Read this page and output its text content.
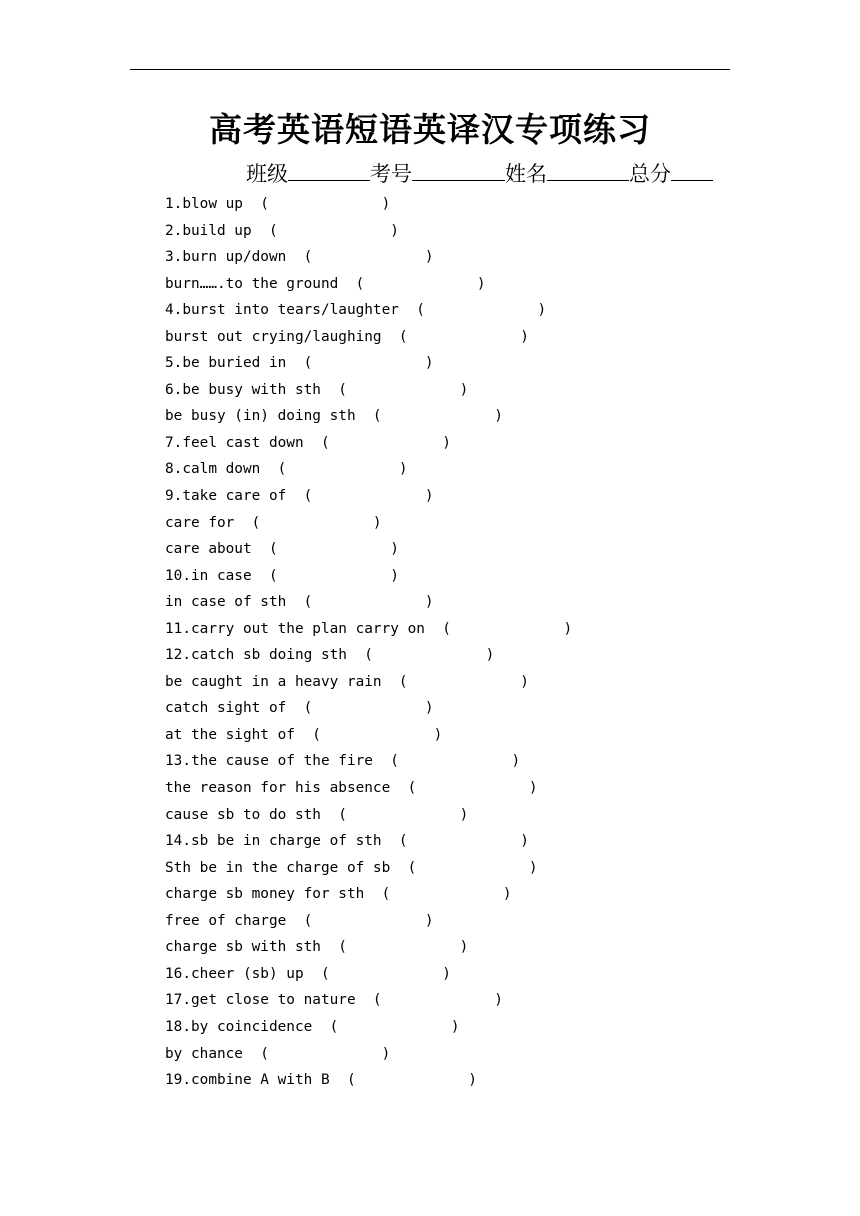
高考英语短语英译汉专项练习
班级	考号	姓名	总分
1.blow up  (             )
2.build up  (             )
3.burn up/down  (             )
burn…….to the ground  (             )
4.burst into tears/laughter  (             )
burst out crying/laughing  (             )
5.be buried in  (             )
6.be busy with sth  (             )
be busy (in) doing sth  (             )
7.feel cast down  (             )
8.calm down  (             )
9.take care of  (             )
care for  (             )
care about  (             )
10.in case  (             )
in case of sth  (             )
11.carry out the plan carry on  (             )
12.catch sb doing sth  (             )
be caught in a heavy rain  (             )
catch sight of  (             )
at the sight of  (             )
13.the cause of the fire  (             )
the reason for his absence  (             )
cause sb to do sth  (             )
14.sb be in charge of sth  (             )
Sth be in the charge of sb  (             )
charge sb money for sth  (             )
free of charge  (             )
charge sb with sth  (             )
16.cheer (sb) up  (             )
17.get close to nature  (             )
18.by coincidence  (             )
by chance  (             )
19.combine A with B  (             )
